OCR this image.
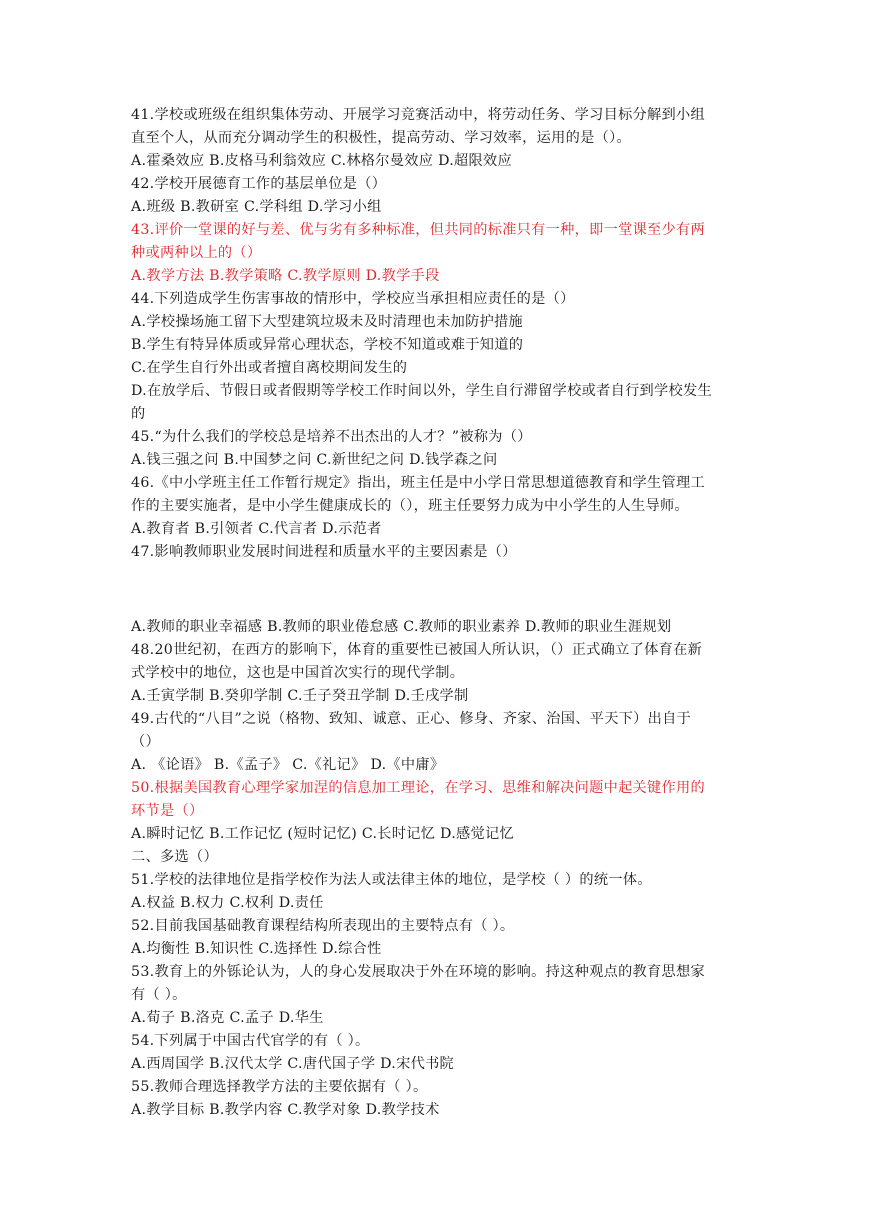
41.学校或班级在组织集体劳动、开展学习竞赛活动中，将劳动任务、学习目标分解到小组
直至个人，从而充分调动学生的积极性，提高劳动、学习效率，运用的是（）。
A.霍桑效应 B.皮格马利翁效应 C.林格尔曼效应 D.超限效应
42.学校开展德育工作的基层单位是（）
A.班级 B.教研室 C.学科组 D.学习小组
43.评价一堂课的好与差、优与劣有多种标准，但共同的标准只有一种，即一堂课至少有两
种或两种以上的（）
A.教学方法 B.教学策略 C.教学原则 D.教学手段
44.下列造成学生伤害事故的情形中，学校应当承担相应责任的是（）
A.学校操场施工留下大型建筑垃圾未及时清理也未加防护措施
B.学生有特异体质或异常心理状态，学校不知道或难于知道的
C.在学生自行外出或者擅自离校期间发生的
D.在放学后、节假日或者假期等学校工作时间以外，学生自行滞留学校或者自行到学校发生
的
45.“为什么我们的学校总是培养不出杰出的人才？”被称为（）
A.钱三强之问 B.中国梦之问 C.新世纪之问 D.钱学森之问
46.《中小学班主任工作暂行规定》指出，班主任是中小学日常思想道德教育和学生管理工
作的主要实施者，是中小学生健康成长的（），班主任要努力成为中小学生的人生导师。
A.教育者 B.引领者 C.代言者 D.示范者
47.影响教师职业发展时间进程和质量水平的主要因素是（）
A.教师的职业幸福感 B.教师的职业倦怠感 C.教师的职业素养 D.教师的职业生涯规划
48.20世纪初，在西方的影响下，体育的重要性已被国人所认识，（）正式确立了体育在新
式学校中的地位，这也是中国首次实行的现代学制。
A.壬寅学制 B.癸卯学制 C.壬子癸丑学制 D.壬戌学制
49.古代的“八目”之说（格物、致知、诚意、正心、修身、齐家、治国、平天下）出自于
（）
A. 《论语》 B.《孟子》 C.《礼记》 D.《中庸》
50.根据美国教育心理学家加涅的信息加工理论，在学习、思维和解决问题中起关键作用的
环节是（）
A.瞬时记忆 B.工作记忆 (短时记忆) C.长时记忆 D.感觉记忆
二、多选（）
51.学校的法律地位是指学校作为法人或法律主体的地位，是学校（ ）的统一体。
A.权益 B.权力 C.权利 D.责任
52.目前我国基础教育课程结构所表现出的主要特点有（ ）。
A.均衡性 B.知识性 C.选择性 D.综合性
53.教育上的外铄论认为，人的身心发展取决于外在环境的影响。持这种观点的教育思想家
有（ ）。
A.荀子 B.洛克 C.孟子 D.华生
54.下列属于中国古代官学的有（ ）。
A.西周国学 B.汉代太学 C.唐代国子学 D.宋代书院
55.教师合理选择教学方法的主要依据有（ ）。
A.教学目标 B.教学内容 C.教学对象 D.教学技术
